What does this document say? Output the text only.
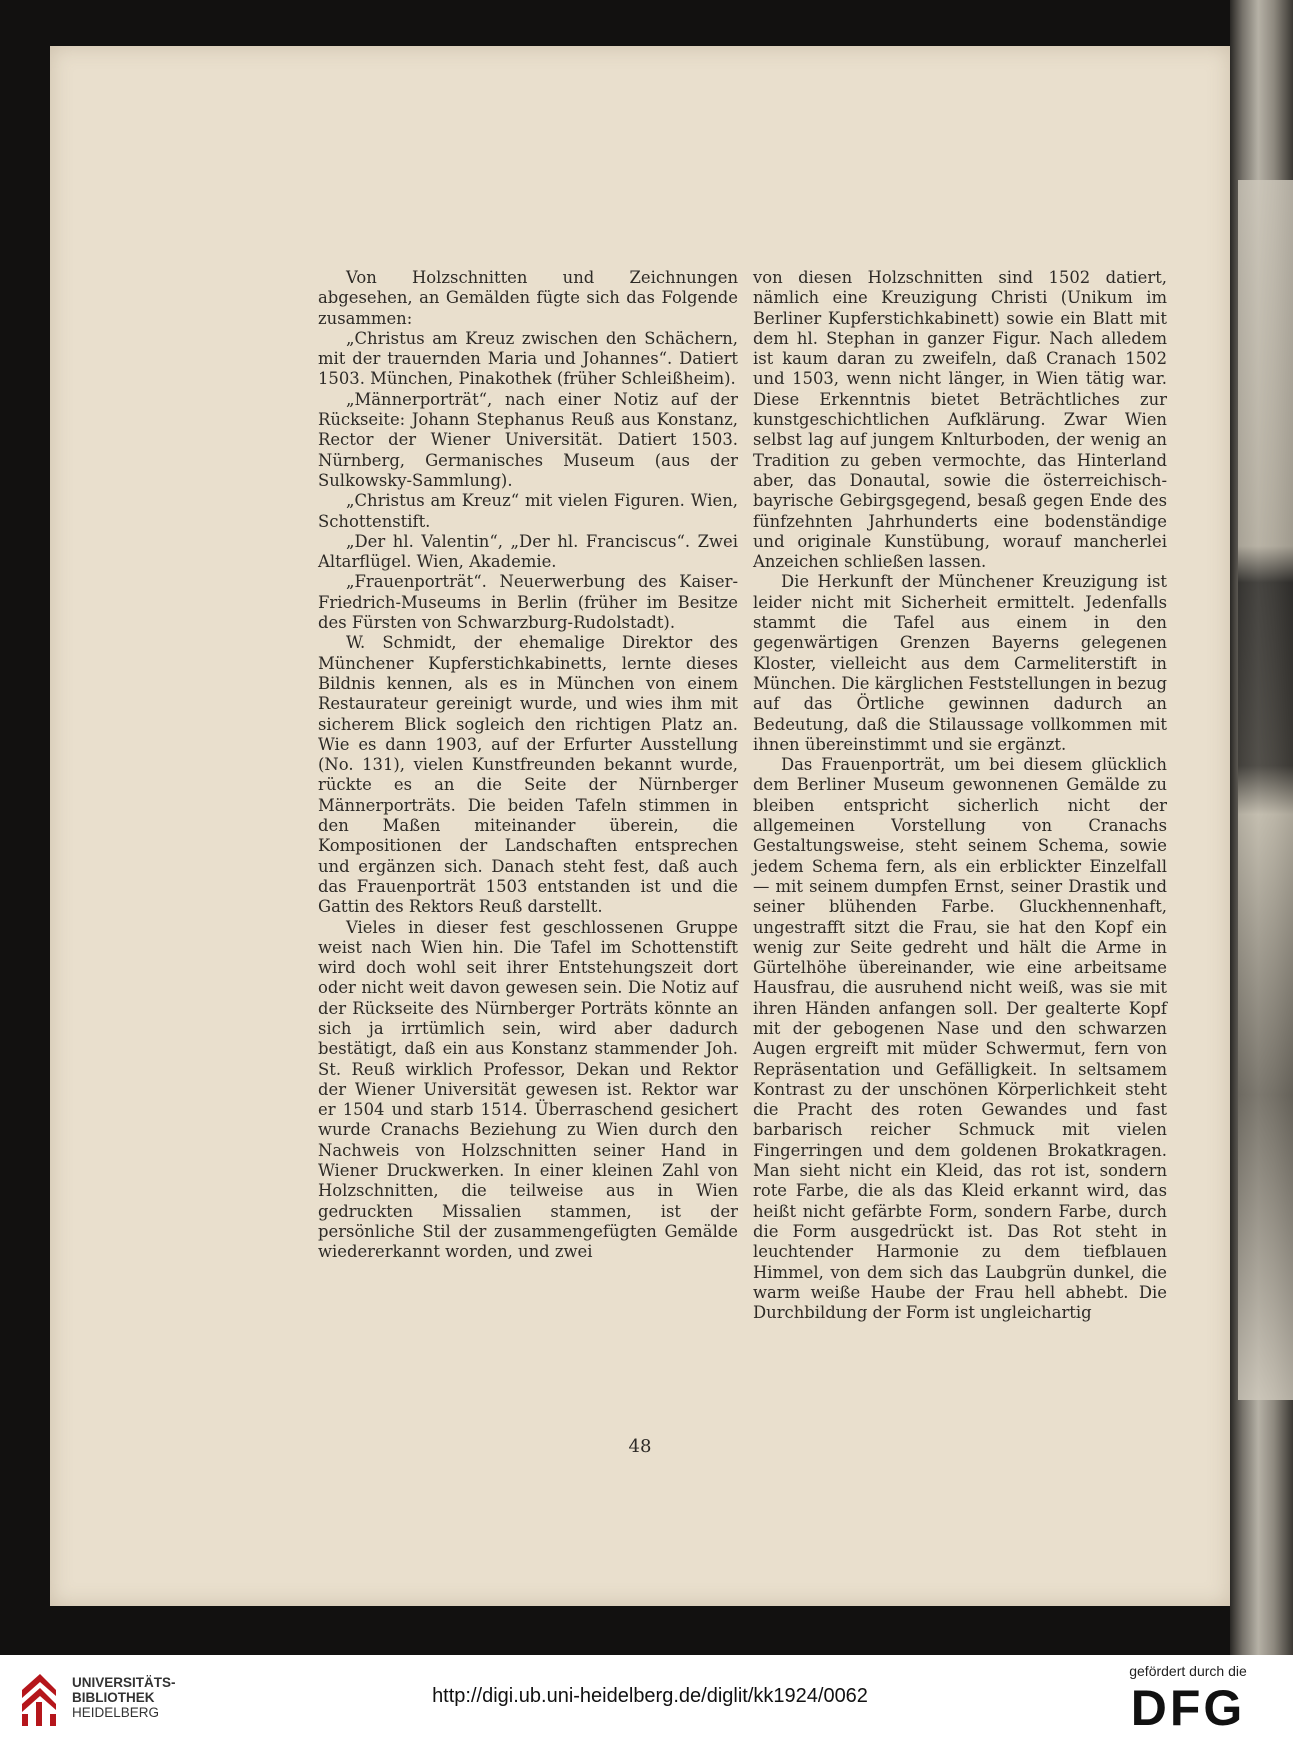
Von Holzschnitten und Zeichnungen abgesehen, an Gemälden fügte sich das Folgende zusammen:

„Christus am Kreuz zwischen den Schächern, mit der trauernden Maria und Johannes“. Datiert 1503. München, Pinakothek (früher Schleißheim).

„Männerporträt“, nach einer Notiz auf der Rückseite: Johann Stephanus Reuß aus Konstanz, Rector der Wiener Universität. Datiert 1503. Nürnberg, Germanisches Museum (aus der Sulkowsky-Sammlung).

„Christus am Kreuz“ mit vielen Figuren. Wien, Schottenstift.

„Der hl. Valentin“, „Der hl. Franciscus“. Zwei Altarflügel. Wien, Akademie.

„Frauenporträt“. Neuerwerbung des Kaiser-Friedrich-Museums in Berlin (früher im Besitze des Fürsten von Schwarzburg-Rudolstadt).

W. Schmidt, der ehemalige Direktor des Münchener Kupferstichkabinetts, lernte dieses Bildnis kennen, als es in München von einem Restaurateur gereinigt wurde, und wies ihm mit sicherem Blick sogleich den richtigen Platz an. Wie es dann 1903, auf der Erfurter Ausstellung (No. 131), vielen Kunstfreunden bekannt wurde, rückte es an die Seite der Nürnberger Männerporträts. Die beiden Tafeln stimmen in den Maßen miteinander überein, die Kompositionen der Landschaften entsprechen und ergänzen sich. Danach steht fest, daß auch das Frauenporträt 1503 entstanden ist und die Gattin des Rektors Reuß darstellt.

Vieles in dieser fest geschlossenen Gruppe weist nach Wien hin. Die Tafel im Schottenstift wird doch wohl seit ihrer Entstehungszeit dort oder nicht weit davon gewesen sein. Die Notiz auf der Rückseite des Nürnberger Porträts könnte an sich ja irrtümlich sein, wird aber dadurch bestätigt, daß ein aus Konstanz stammender Joh. St. Reuß wirklich Professor, Dekan und Rektor der Wiener Universität gewesen ist. Rektor war er 1504 und starb 1514. Überraschend gesichert wurde Cranachs Beziehung zu Wien durch den Nachweis von Holzschnitten seiner Hand in Wiener Druckwerken. In einer kleinen Zahl von Holzschnitten, die teilweise aus in Wien gedruckten Missalien stammen, ist der persönliche Stil der zusammengefügten Gemälde wiedererkannt worden, und zwei

von diesen Holzschnitten sind 1502 datiert, nämlich eine Kreuzigung Christi (Unikum im Berliner Kupferstichkabinett) sowie ein Blatt mit dem hl. Stephan in ganzer Figur. Nach alledem ist kaum daran zu zweifeln, daß Cranach 1502 und 1503, wenn nicht länger, in Wien tätig war. Diese Erkenntnis bietet Beträchtliches zur kunstgeschichtlichen Aufklärung. Zwar Wien selbst lag auf jungem Knlturboden, der wenig an Tradition zu geben vermochte, das Hinterland aber, das Donautal, sowie die österreichisch-bayrische Gebirgsgegend, besaß gegen Ende des fünfzehnten Jahrhunderts eine bodenständige und originale Kunstübung, worauf mancherlei Anzeichen schließen lassen.

Die Herkunft der Münchener Kreuzigung ist leider nicht mit Sicherheit ermittelt. Jedenfalls stammt die Tafel aus einem in den gegenwärtigen Grenzen Bayerns gelegenen Kloster, vielleicht aus dem Carmeliterstift in München. Die kärglichen Feststellungen in bezug auf das Örtliche gewinnen dadurch an Bedeutung, daß die Stilaussage vollkommen mit ihnen übereinstimmt und sie ergänzt.

Das Frauenporträt, um bei diesem glücklich dem Berliner Museum gewonnenen Gemälde zu bleiben entspricht sicherlich nicht der allgemeinen Vorstellung von Cranachs Gestaltungsweise, steht seinem Schema, sowie jedem Schema fern, als ein erblickter Einzelfall — mit seinem dumpfen Ernst, seiner Drastik und seiner blühenden Farbe. Gluckhennenhaft, ungestrafft sitzt die Frau, sie hat den Kopf ein wenig zur Seite gedreht und hält die Arme in Gürtelhöhe übereinander, wie eine arbeitsame Hausfrau, die ausruhend nicht weiß, was sie mit ihren Händen anfangen soll. Der gealterte Kopf mit der gebogenen Nase und den schwarzen Augen ergreift mit müder Schwermut, fern von Repräsentation und Gefälligkeit. In seltsamem Kontrast zu der unschönen Körperlichkeit steht die Pracht des roten Gewandes und fast barbarisch reicher Schmuck mit vielen Fingerringen und dem goldenen Brokatkragen. Man sieht nicht ein Kleid, das rot ist, sondern rote Farbe, die als das Kleid erkannt wird, das heißt nicht gefärbte Form, sondern Farbe, durch die Form ausgedrückt ist. Das Rot steht in leuchtender Harmonie zu dem tiefblauen Himmel, von dem sich das Laubgrün dunkel, die warm weiße Haube der Frau hell abhebt. Die Durchbildung der Form ist ungleichartig

48
UNIVERSITÄTS-
BIBLIOTHEK
HEIDELBERG
http://digi.ub.uni-heidelberg.de/diglit/kk1924/0062
gefördert durch die
DFG
